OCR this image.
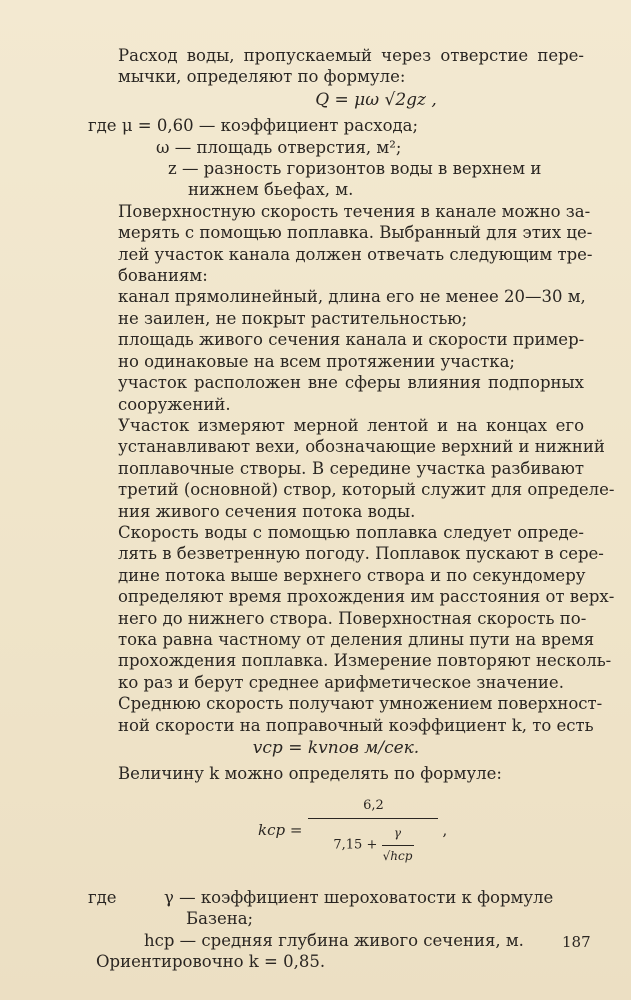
Расход воды, пропускаемый через отверстие пере-
мычки, определяют по формуле:

Q = μω √2gz ,
где μ = 0,60 — коэффициент расхода;
ω — площадь отверстия, м²;
z — разность горизонтов воды в верхнем и
нижнем бьефах, м.

Поверхностную скорость течения в канале можно за-
мерять с помощью поплавка. Выбранный для этих це-
лей участок канала должен отвечать следующим тре-
бованиям:

канал прямолинейный, длина его не менее 20—30 м,
не заилен, не покрыт растительностью;

площадь живого сечения канала и скорости пример-
но одинаковые на всем протяжении участка;

участок расположен вне сферы влияния подпорных
сооружений.

Участок измеряют мерной лентой и на концах его
устанавливают вехи, обозначающие верхний и нижний
поплавочные створы. В середине участка разбивают
третий (основной) створ, который служит для определе-
ния живого сечения потока воды.

Скорость воды с помощью поплавка следует опреде-
лять в безветренную погоду. Поплавок пускают в сере-
дине потока выше верхнего створа и по секундомеру
определяют время прохождения им расстояния от верх-
него до нижнего створа. Поверхностная скорость по-
тока равна частному от деления длины пути на время
прохождения поплавка. Измерение повторяют несколь-
ко раз и берут среднее арифметическое значение.

Среднюю скорость получают умножением поверхност-
ной скорости на поправочный коэффициент k, то есть

vср = kvпов м/сек.

Величину k можно определять по формуле:

kср =
6,2
$7,15 + \frac{\gamma}{\text{√hср}}$ ,
где	γ — коэффициент шероховатости к формуле
Базена;
hср — средняя глубина живого сечения, м.

Ориентировочно k = 0,85.

187
